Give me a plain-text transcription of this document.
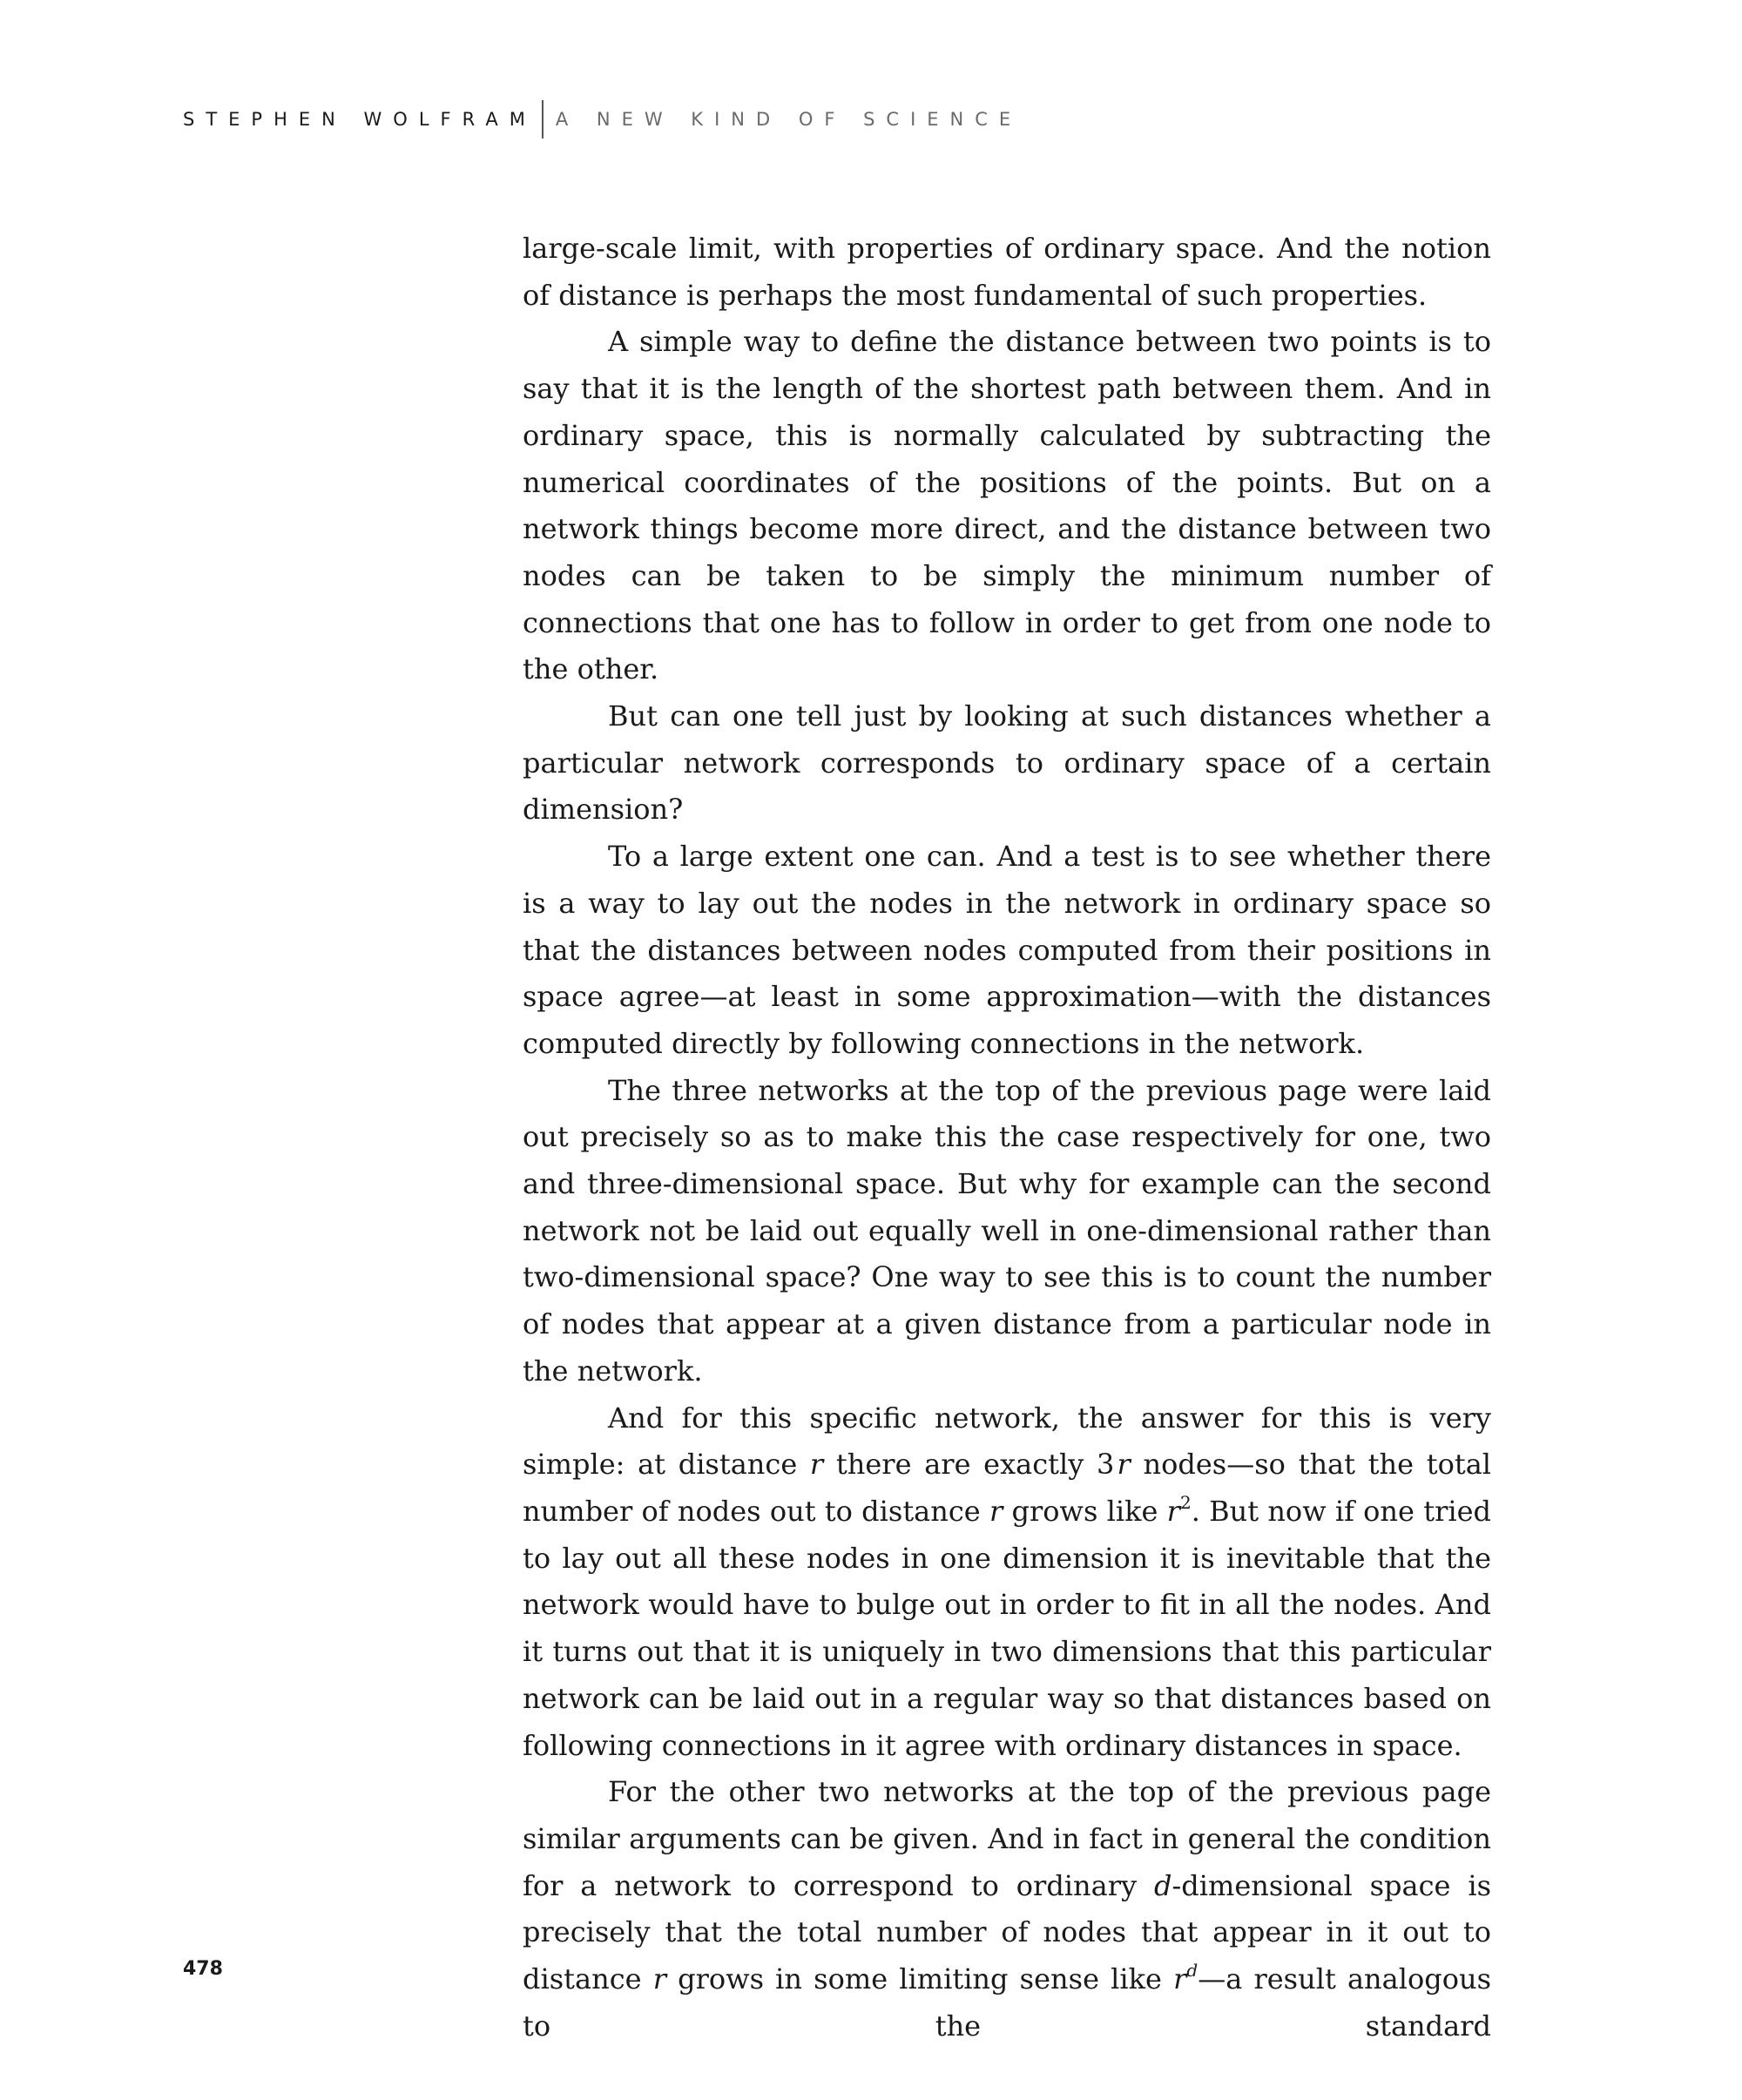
STEPHEN WOLFRAM A NEW KIND OF SCIENCE

large-scale limit, with properties of ordinary space. And the notion of distance is perhaps the most fundamental of such properties.

A simple way to define the distance between two points is to say that it is the length of the shortest path between them. And in ordinary space, this is normally calculated by subtracting the numerical coordinates of the positions of the points. But on a network things become more direct, and the distance between two nodes can be taken to be simply the minimum number of connections that one has to follow in order to get from one node to the other.

But can one tell just by looking at such distances whether a particular network corresponds to ordinary space of a certain dimension?

To a large extent one can. And a test is to see whether there is a way to lay out the nodes in the network in ordinary space so that the distances between nodes computed from their positions in space agree—at least in some approximation—with the distances computed directly by following connections in the network.

The three networks at the top of the previous page were laid out precisely so as to make this the case respectively for one, two and three-dimensional space. But why for example can the second network not be laid out equally well in one-dimensional rather than two-dimensional space? One way to see this is to count the number of nodes that appear at a given distance from a particular node in the network.

And for this specific network, the answer for this is very simple: at distance r there are exactly 3 r nodes—so that the total number of nodes out to distance r grows like $r^2$. But now if one tried to lay out all these nodes in one dimension it is inevitable that the network would have to bulge out in order to fit in all the nodes. And it turns out that it is uniquely in two dimensions that this particular network can be laid out in a regular way so that distances based on following connections in it agree with ordinary distances in space.

For the other two networks at the top of the previous page similar arguments can be given. And in fact in general the condition for a network to correspond to ordinary d-dimensional space is precisely that the total number of nodes that appear in it out to distance r grows in some limiting sense like $r^d—a$ result analogous to the standard

478
